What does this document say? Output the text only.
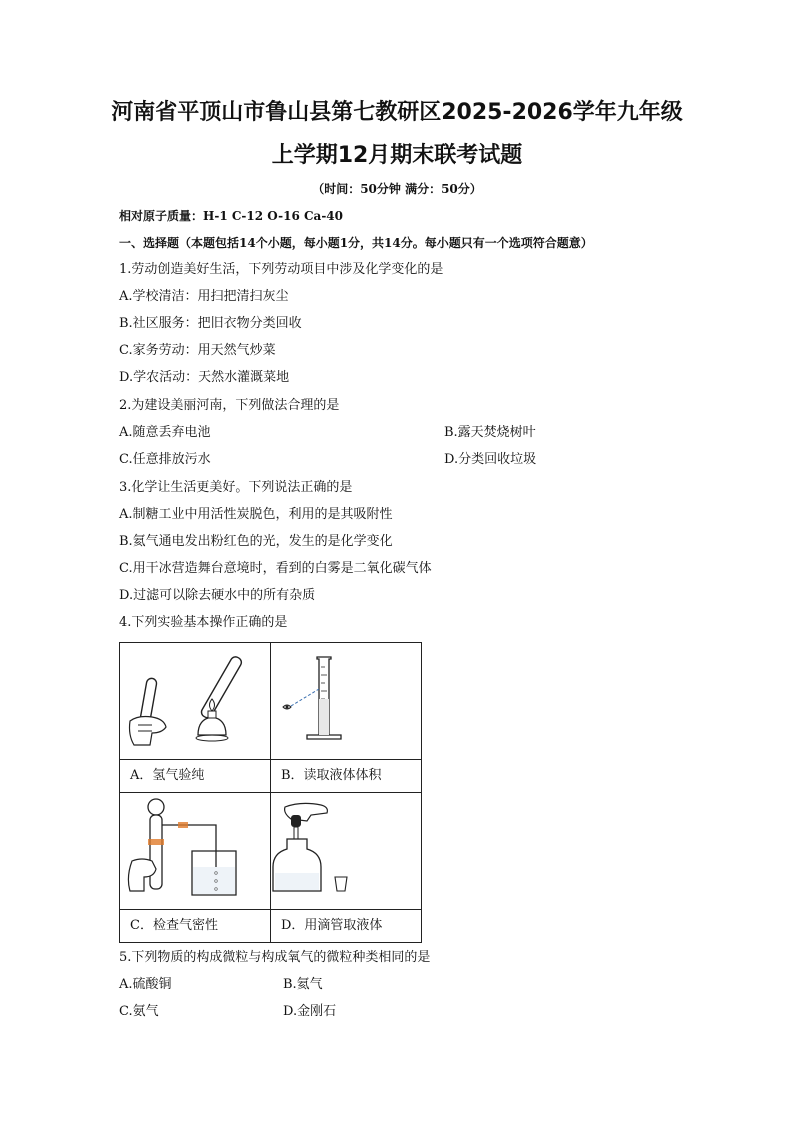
河南省平顶山市鲁山县第七教研区2025-2026学年九年级
上学期12月期末联考试题
（时间：50分钟 满分：50分）
相对原子质量：H-1 C-12 O-16 Ca-40
一、选择题（本题包括14个小题，每小题1分，共14分。每小题只有一个选项符合题意）
1.劳动创造美好生活，下列劳动项目中涉及化学变化的是
A.学校清洁：用扫把清扫灰尘
B.社区服务：把旧衣物分类回收
C.家务劳动：用天然气炒菜
D.学农活动：天然水灌溉菜地
2.为建设美丽河南，下列做法合理的是
A.随意丢弃电池	B.露天焚烧树叶
C.任意排放污水	D.分类回收垃圾
3.化学让生活更美好。下列说法正确的是
A.制糖工业中用活性炭脱色，利用的是其吸附性
B.氦气通电发出粉红色的光，发生的是化学变化
C.用干冰营造舞台意境时，看到的白雾是二氧化碳气体
D.过滤可以除去硬水中的所有杂质
4.下列实验基本操作正确的是
A．氢气验纯	B．读取液体体积

C．检查气密性	D．用滴管取液体
5.下列物质的构成微粒与构成氧气的微粒种类相同的是
A.硫酸铜	B.氦气
C.氨气	D.金刚石
